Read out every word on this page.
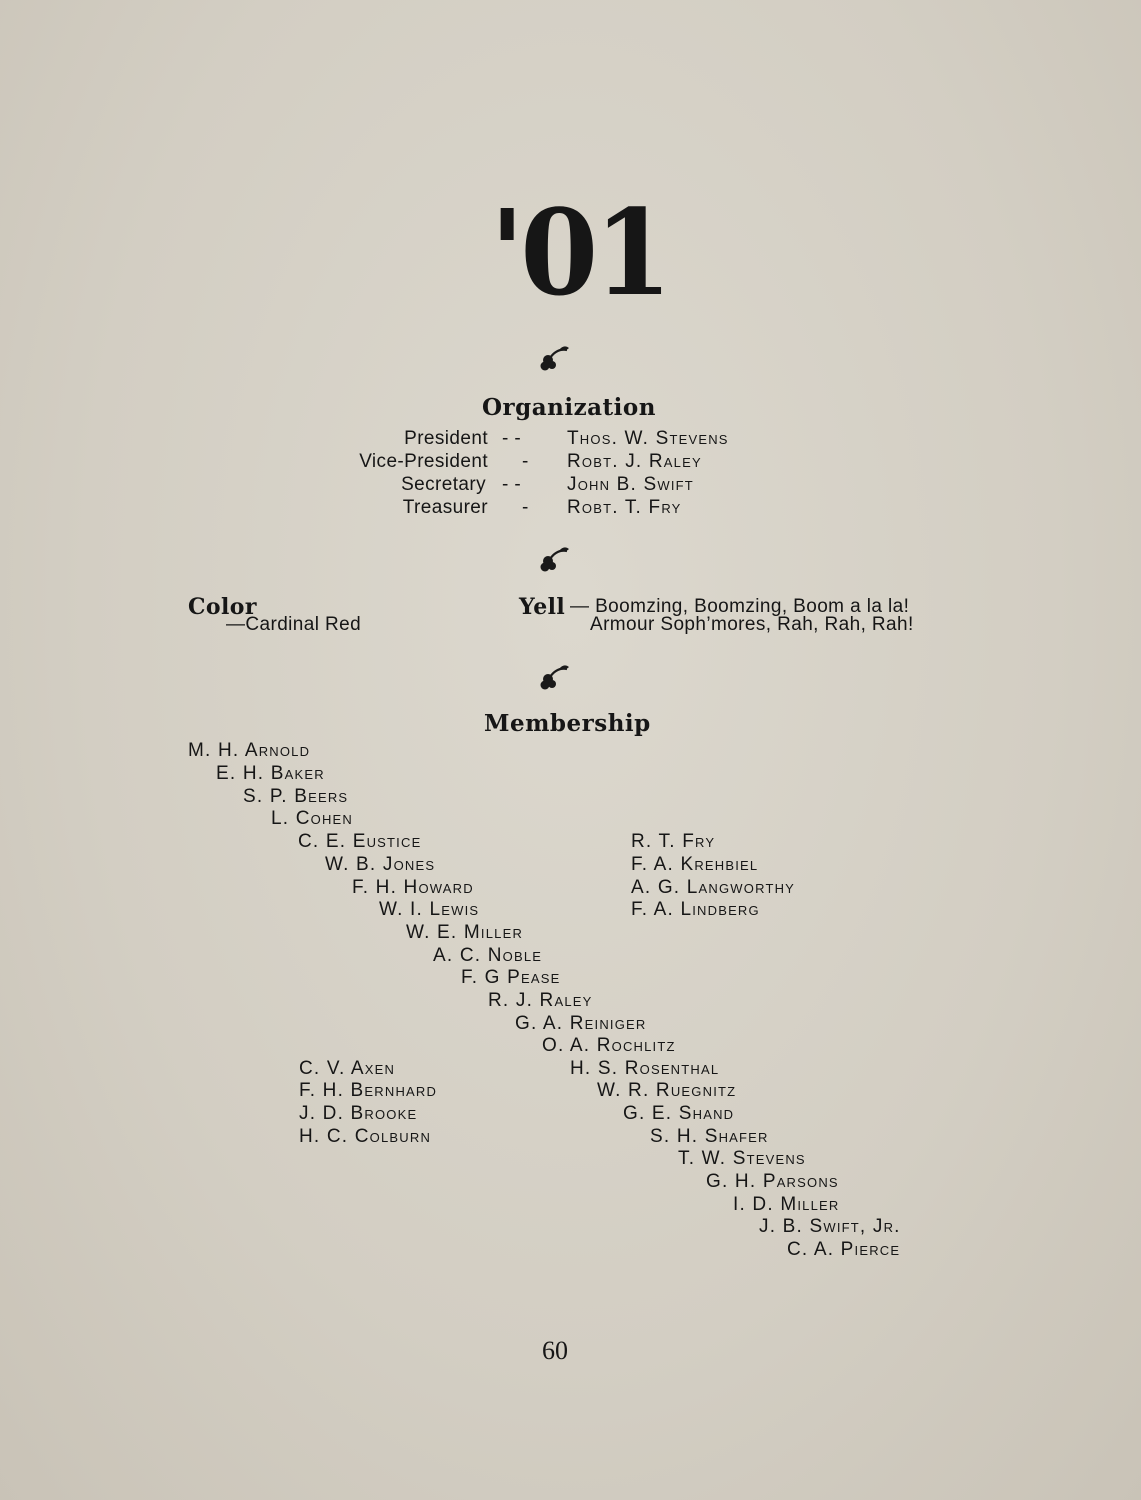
'01
Organization
President - - Thos. W. Stevens
Vice-President - Robt. J. Raley
Secretary - - John B. Swift
Treasurer - Robt. T. Fry
Color
—Cardinal Red
Yell — Boomzing, Boomzing, Boom a la la!
Armour Soph’mores, Rah, Rah, Rah!
Membership
M. H. Arnold
E. H. Baker
S. P. Beers
L. Cohen
C. E. Eustice
W. B. Jones
F. H. Howard
W. I. Lewis
W. E. Miller
A. C. Noble
F. G Pease
R. J. Raley
G. A. Reiniger
O. A. Rochlitz
H. S. Rosenthal
W. R. Ruegnitz
G. E. Shand
S. H. Shafer
T. W. Stevens
G. H. Parsons
I. D. Miller
J. B. Swift, Jr.
C. A. Pierce
R. T. Fry
F. A. Krehbiel
A. G. Langworthy
F. A. Lindberg
C. V. Axen
F. H. Bernhard
J. D. Brooke
H. C. Colburn
60
